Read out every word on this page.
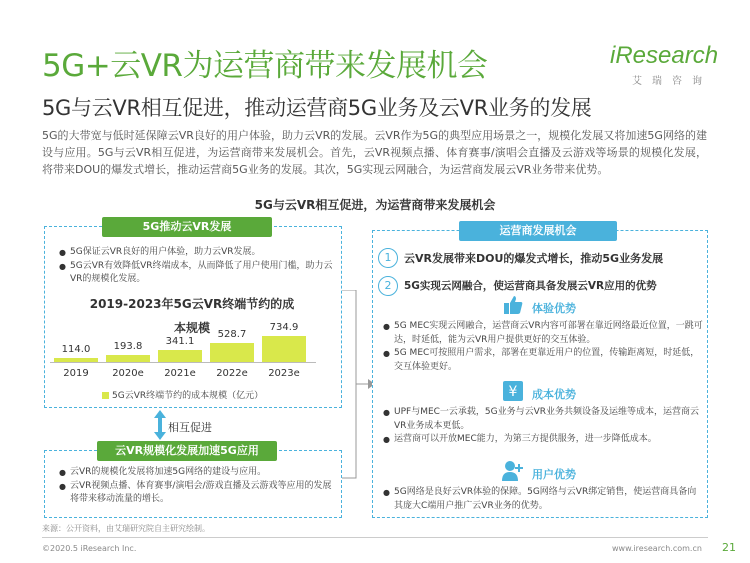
5G+云VR为运营商带来发展机会	iResearch
艾瑞咨询
5G与云VR相互促进，推动运营商5G业务及云VR业务的发展
5G的大带宽与低时延保障云VR良好的用户体验，助力云VR的发展。云VR作为5G的典型应用场景之一，规模化发展又将加速5G网络的建设与应用。5G与云VR相互促进，为运营商带来发展机会。首先，云VR视频点播、体育赛事/演唱会直播及云游戏等场景的规模化发展，将带来DOU的爆发式增长，推动运营商5G业务的发展。其次，5G实现云网融合，为运营商发展云VR业务带来优势。
5G与云VR相互促进，为运营商带来发展机会
5G推动云VR发展
● 5G保证云VR良好的用户体验，助力云VR发展。
● 5G云VR有效降低VR终端成本，从而降低了用户使用门槛，助力云VR的规模化发展。
2019-2023年5G云VR终端节约的成本规模
114.0
2019
193.8
2020e
341.1
2021e
528.7
2022e
734.9
2023e
5G云VR终端节约的成本规模（亿元）
相互促进
云VR规模化发展加速5G应用
● 云VR的规模化发展将加速5G网络的建设与应用。
● 云VR视频点播、体育赛事/演唱会/游戏直播及云游戏等应用的发展将带来移动流量的增长。
运营商发展机会
1	云VR发展带来DOU的爆发式增长，推动5G业务发展
2	5G实现云网融合，使运营商具备发展云VR应用的优势
体验优势
● 5G MEC实现云网融合，运营商云VR内容可部署在靠近网络最近位置，一跳可达，时延低，能为云VR用户提供更好的交互体验。
● 5G MEC可按照用户需求，部署在更靠近用户的位置，传输距离短，时延低，交互体验更好。
¥ 成本优势
● UPF与MEC一云承载，5G业务与云VR业务共频设备及运维等成本，运营商云VR业务成本更低。
● 运营商可以开放MEC能力，为第三方提供服务，进一步降低成本。
用户优势
● 5G网络是良好云VR体验的保障。5G网络与云VR绑定销售，使运营商具备向其庞大C端用户推广云VR业务的优势。
来源：公开资料，由艾瑞研究院自主研究绘制。
©2020.5 iResearch Inc.	www.iresearch.com.cn 21
